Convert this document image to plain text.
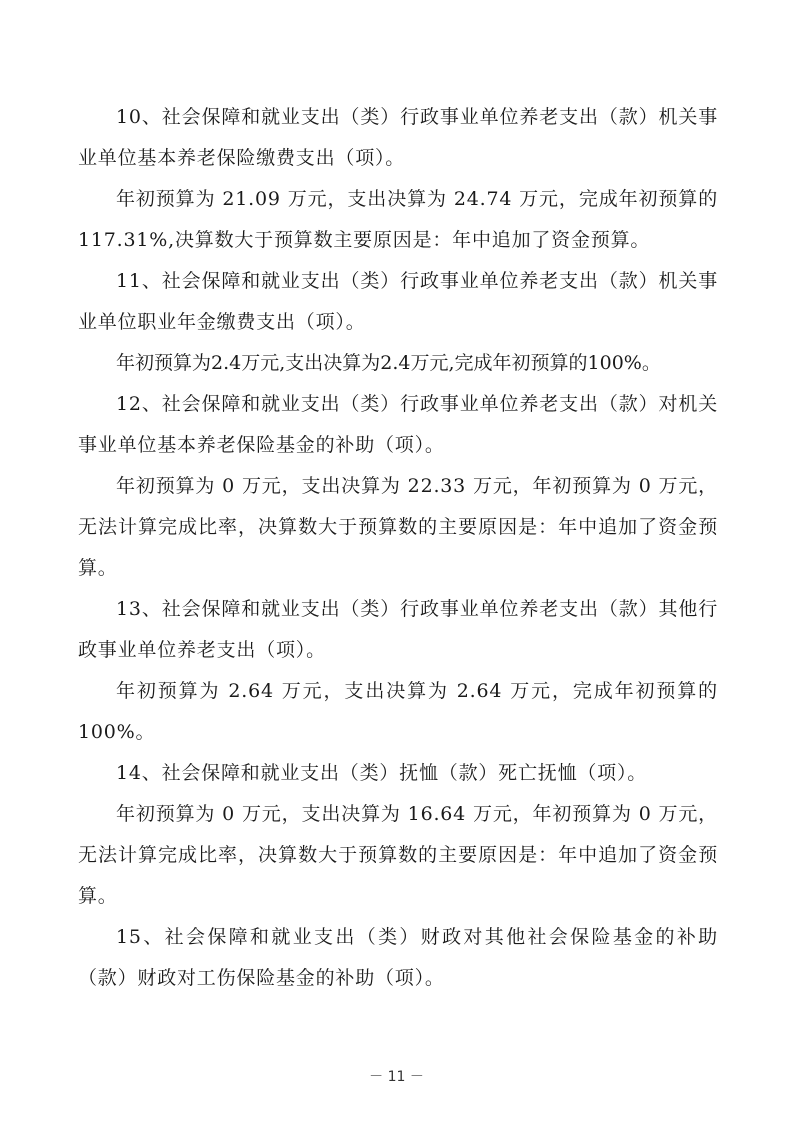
10、社会保障和就业支出（类）行政事业单位养老支出（款）机关事业单位基本养老保险缴费支出（项）。

年初预算为 21.09 万元，支出决算为 24.74 万元，完成年初预算的 117.31%,决算数大于预算数主要原因是：年中追加了资金预算。

11、社会保障和就业支出（类）行政事业单位养老支出（款）机关事业单位职业年金缴费支出（项）。

年初预算为2.4万元,支出决算为2.4万元,完成年初预算的100%。

12、社会保障和就业支出（类）行政事业单位养老支出（款）对机关事业单位基本养老保险基金的补助（项）。

年初预算为 0 万元，支出决算为 22.33 万元，年初预算为 0 万元，无法计算完成比率，决算数大于预算数的主要原因是：年中追加了资金预算。

13、社会保障和就业支出（类）行政事业单位养老支出（款）其他行政事业单位养老支出（项）。

年初预算为 2.64 万元，支出决算为 2.64 万元，完成年初预算的 100%。

14、社会保障和就业支出（类）抚恤（款）死亡抚恤（项）。

年初预算为 0 万元，支出决算为 16.64 万元，年初预算为 0 万元，无法计算完成比率，决算数大于预算数的主要原因是：年中追加了资金预算。

15、社会保障和就业支出（类）财政对其他社会保险基金的补助（款）财政对工伤保险基金的补助（项）。

－ 11 －
